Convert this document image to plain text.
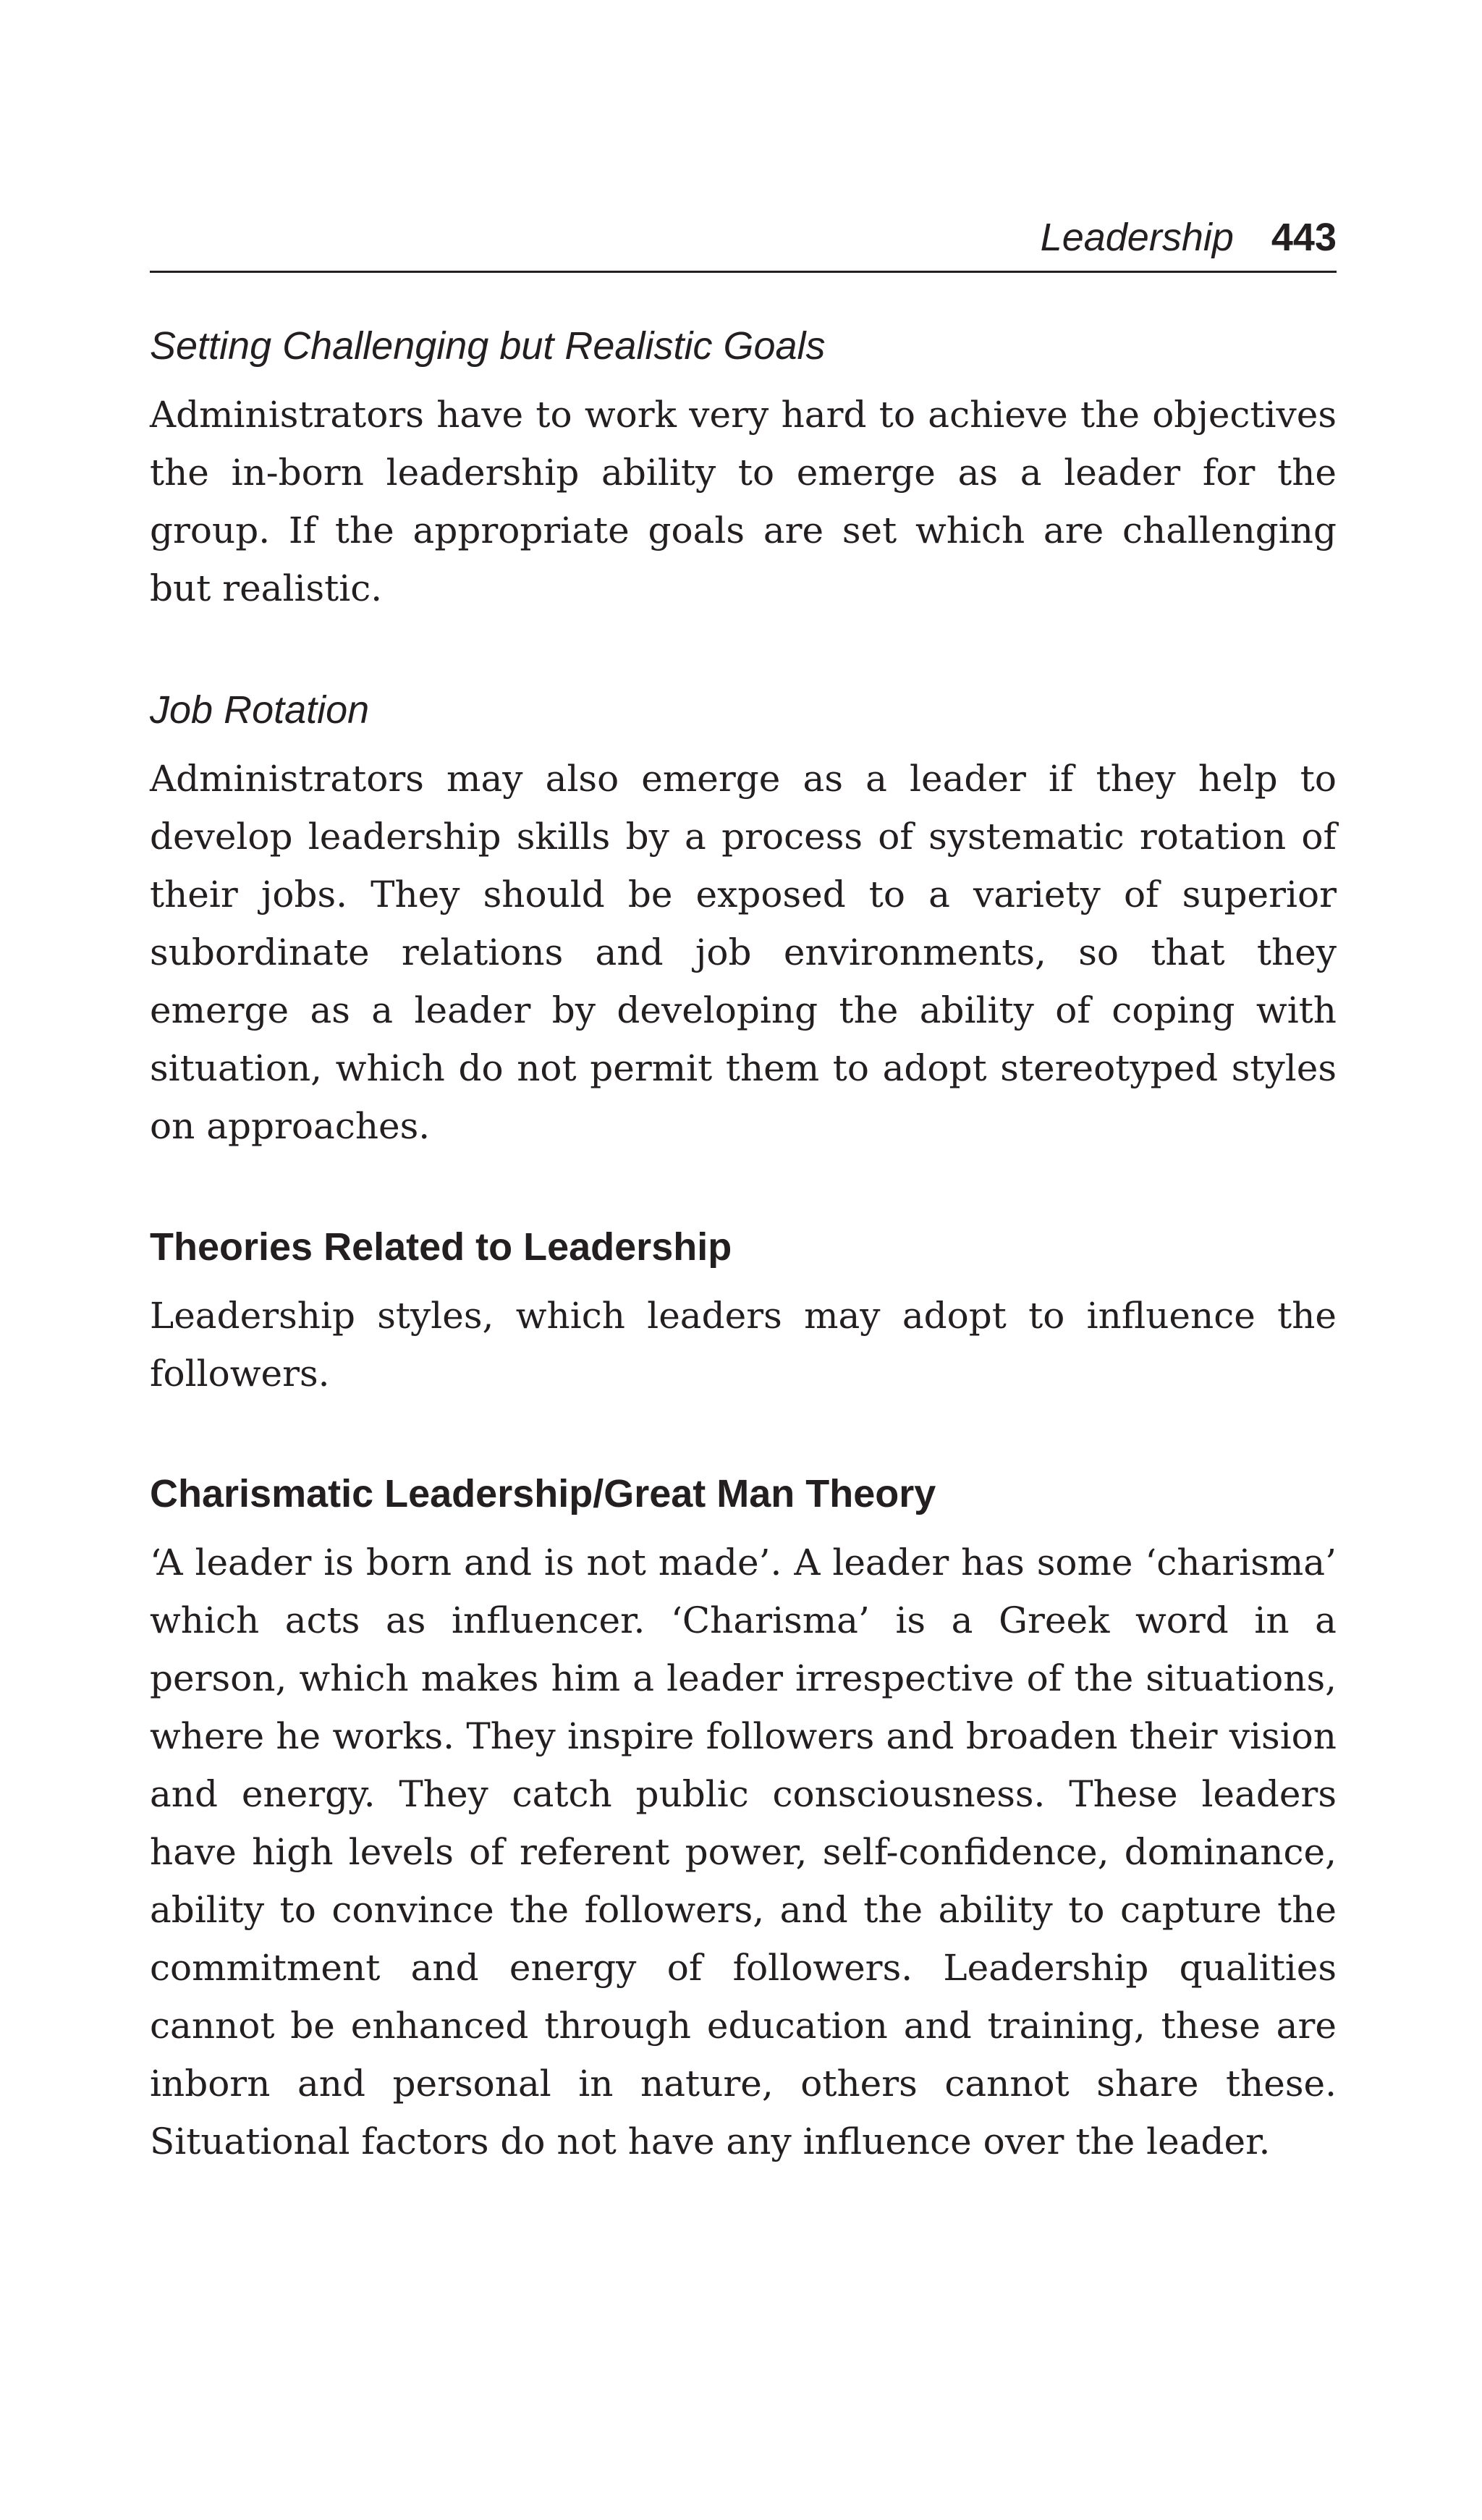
Leadership 443
Setting Challenging but Realistic Goals

Administrators have to work very hard to achieve the objectives the in-born leadership ability to emerge as a leader for the group. If the appropriate goals are set which are challenging but realistic.

Job Rotation

Administrators may also emerge as a leader if they help to develop leadership skills by a process of systematic rotation of their jobs. They should be exposed to a variety of superior subordinate relations and job environments, so that they emerge as a leader by developing the ability of coping with situation, which do not permit them to adopt stereotyped styles on approaches.

Theories Related to Leadership

Leadership styles, which leaders may adopt to influence the followers.

Charismatic Leadership/Great Man Theory

‘A leader is born and is not made’. A leader has some ‘charisma’ which acts as influencer. ‘Charisma’ is a Greek word in a person, which makes him a leader irrespective of the situations, where he works. They inspire followers and broaden their vision and energy. They catch public consciousness. These leaders have high levels of referent power, self-confidence, dominance, ability to convince the followers, and the ability to capture the commitment and energy of followers. Leadership qualities cannot be enhanced through education and training, these are inborn and personal in nature, others cannot share these. Situational factors do not have any influence over the leader.
